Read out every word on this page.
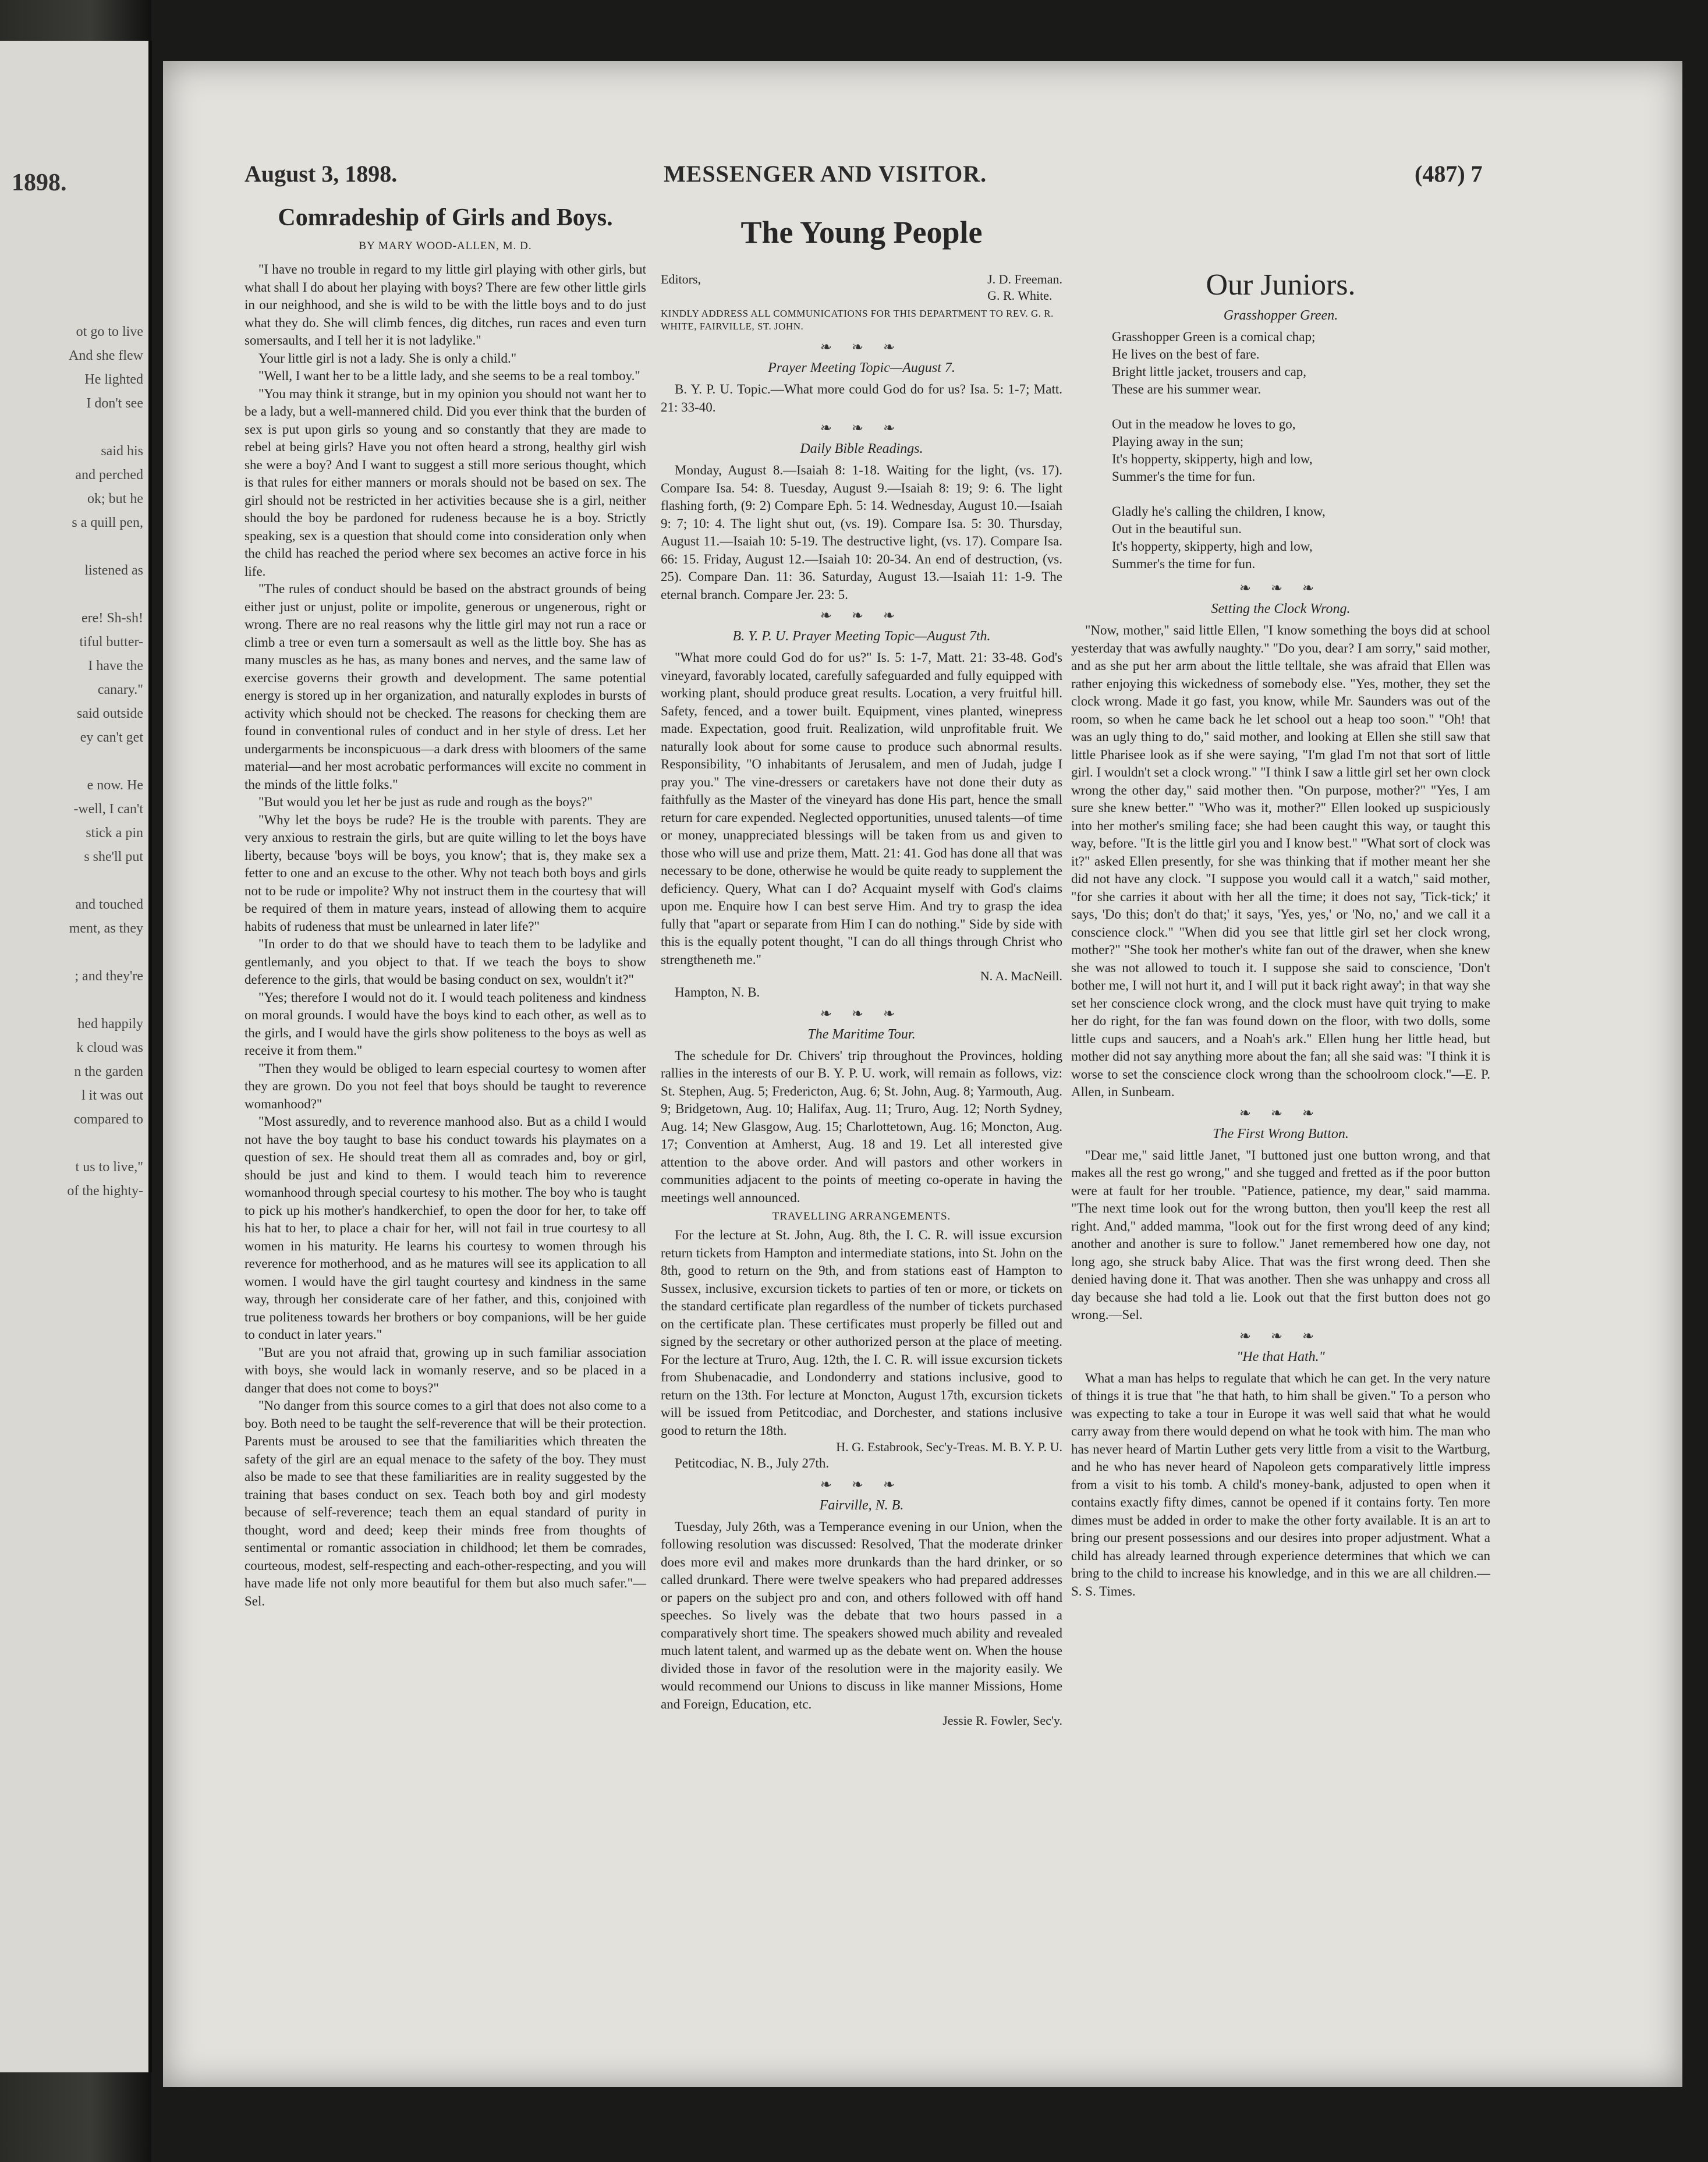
1898.
ot go to live
And she flew
He lighted
I don't see

said his
and perched
ok; but he
s a quill pen,

listened as

ere! Sh-sh!
tiful butter-
I have the
canary."
said outside
ey can't get

e now. He
-well, I can't
stick a pin
s she'll put

and touched
ment, as they

; and they're

hed happily
k cloud was
n the garden
l it was out
compared to

t us to live,"
of the highty-
August 3, 1898.	MESSENGER AND VISITOR.	(487) 7
Comradeship of Girls and Boys.
BY MARY WOOD-ALLEN, M. D.

"I have no trouble in regard to my little girl playing with other girls, but what shall I do about her playing with boys? There are few other little girls in our neighhood, and she is wild to be with the little boys and to do just what they do. She will climb fences, dig ditches, run races and even turn somersaults, and I tell her it is not ladylike."

Your little girl is not a lady. She is only a child."

"Well, I want her to be a little lady, and she seems to be a real tomboy."

"You may think it strange, but in my opinion you should not want her to be a lady, but a well-mannered child. Did you ever think that the burden of sex is put upon girls so young and so constantly that they are made to rebel at being girls? Have you not often heard a strong, healthy girl wish she were a boy? And I want to suggest a still more serious thought, which is that rules for either manners or morals should not be based on sex. The girl should not be restricted in her activities because she is a girl, neither should the boy be pardoned for rudeness because he is a boy. Strictly speaking, sex is a question that should come into consideration only when the child has reached the period where sex becomes an active force in his life.

"The rules of conduct should be based on the abstract grounds of being either just or unjust, polite or impolite, generous or ungenerous, right or wrong. There are no real reasons why the little girl may not run a race or climb a tree or even turn a somersault as well as the little boy. She has as many muscles as he has, as many bones and nerves, and the same law of exercise governs their growth and development. The same potential energy is stored up in her organization, and naturally explodes in bursts of activity which should not be checked. The reasons for checking them are found in conventional rules of conduct and in her style of dress. Let her undergarments be inconspicuous—a dark dress with bloomers of the same material—and her most acrobatic performances will excite no comment in the minds of the little folks."

"But would you let her be just as rude and rough as the boys?"

"Why let the boys be rude? He is the trouble with parents. They are very anxious to restrain the girls, but are quite willing to let the boys have liberty, because 'boys will be boys, you know'; that is, they make sex a fetter to one and an excuse to the other. Why not teach both boys and girls not to be rude or impolite? Why not instruct them in the courtesy that will be required of them in mature years, instead of allowing them to acquire habits of rudeness that must be unlearned in later life?"

"In order to do that we should have to teach them to be ladylike and gentlemanly, and you object to that. If we teach the boys to show deference to the girls, that would be basing conduct on sex, wouldn't it?"

"Yes; therefore I would not do it. I would teach politeness and kindness on moral grounds. I would have the boys kind to each other, as well as to the girls, and I would have the girls show politeness to the boys as well as receive it from them."

"Then they would be obliged to learn especial courtesy to women after they are grown. Do you not feel that boys should be taught to reverence womanhood?"

"Most assuredly, and to reverence manhood also. But as a child I would not have the boy taught to base his conduct towards his playmates on a question of sex. He should treat them all as comrades and, boy or girl, should be just and kind to them. I would teach him to reverence womanhood through special courtesy to his mother. The boy who is taught to pick up his mother's handkerchief, to open the door for her, to take off his hat to her, to place a chair for her, will not fail in true courtesy to all women in his maturity. He learns his courtesy to women through his reverence for motherhood, and as he matures will see its application to all women. I would have the girl taught courtesy and kindness in the same way, through her considerate care of her father, and this, conjoined with true politeness towards her brothers or boy companions, will be her guide to conduct in later years."

"But are you not afraid that, growing up in such familiar association with boys, she would lack in womanly reserve, and so be placed in a danger that does not come to boys?"

"No danger from this source comes to a girl that does not also come to a boy. Both need to be taught the self-reverence that will be their protection. Parents must be aroused to see that the familiarities which threaten the safety of the girl are an equal menace to the safety of the boy. They must also be made to see that these familiarities are in reality suggested by the training that bases conduct on sex. Teach both boy and girl modesty because of self-reverence; teach them an equal standard of purity in thought, word and deed; keep their minds free from thoughts of sentimental or romantic association in childhood; let them be comrades, courteous, modest, self-respecting and each-other-respecting, and you will have made life not only more beautiful for them but also much safer."—Sel.

The Young People
Editors,	J. D. Freeman.
G. R. White.
KINDLY ADDRESS ALL COMMUNICATIONS FOR THIS DEPARTMENT TO REV. G. R. WHITE, FAIRVILLE, ST. JOHN.
❧ ❧ ❧
Prayer Meeting Topic—August 7.

B. Y. P. U. Topic.—What more could God do for us? Isa. 5: 1-7; Matt. 21: 33-40.

❧ ❧ ❧
Daily Bible Readings.

Monday, August 8.—Isaiah 8: 1-18. Waiting for the light, (vs. 17). Compare Isa. 54: 8. Tuesday, August 9.—Isaiah 8: 19; 9: 6. The light flashing forth, (9: 2) Compare Eph. 5: 14. Wednesday, August 10.—Isaiah 9: 7; 10: 4. The light shut out, (vs. 19). Compare Isa. 5: 30. Thursday, August 11.—Isaiah 10: 5-19. The destructive light, (vs. 17). Compare Isa. 66: 15. Friday, August 12.—Isaiah 10: 20-34. An end of destruction, (vs. 25). Compare Dan. 11: 36. Saturday, August 13.—Isaiah 11: 1-9. The eternal branch. Compare Jer. 23: 5.

❧ ❧ ❧
B. Y. P. U. Prayer Meeting Topic—August 7th.

"What more could God do for us?" Is. 5: 1-7, Matt. 21: 33-48. God's vineyard, favorably located, carefully safeguarded and fully equipped with working plant, should produce great results. Location, a very fruitful hill. Safety, fenced, and a tower built. Equipment, vines planted, winepress made. Expectation, good fruit. Realization, wild unprofitable fruit. We naturally look about for some cause to produce such abnormal results. Responsibility, "O inhabitants of Jerusalem, and men of Judah, judge I pray you." The vine-dressers or caretakers have not done their duty as faithfully as the Master of the vineyard has done His part, hence the small return for care expended. Neglected opportunities, unused talents—of time or money, unappreciated blessings will be taken from us and given to those who will use and prize them, Matt. 21: 41. God has done all that was necessary to be done, otherwise he would be quite ready to supplement the deficiency. Query, What can I do? Acquaint myself with God's claims upon me. Enquire how I can best serve Him. And try to grasp the idea fully that "apart or separate from Him I can do nothing." Side by side with this is the equally potent thought, "I can do all things through Christ who strengtheneth me."

N. A. MacNeill.

Hampton, N. B.

❧ ❧ ❧
The Maritime Tour.

The schedule for Dr. Chivers' trip throughout the Provinces, holding rallies in the interests of our B. Y. P. U. work, will remain as follows, viz: St. Stephen, Aug. 5; Fredericton, Aug. 6; St. John, Aug. 8; Yarmouth, Aug. 9; Bridgetown, Aug. 10; Halifax, Aug. 11; Truro, Aug. 12; North Sydney, Aug. 14; New Glasgow, Aug. 15; Charlottetown, Aug. 16; Moncton, Aug. 17; Convention at Amherst, Aug. 18 and 19. Let all interested give attention to the above order. And will pastors and other workers in communities adjacent to the points of meeting co-operate in having the meetings well announced.

TRAVELLING ARRANGEMENTS.

For the lecture at St. John, Aug. 8th, the I. C. R. will issue excursion return tickets from Hampton and intermediate stations, into St. John on the 8th, good to return on the 9th, and from stations east of Hampton to Sussex, inclusive, excursion tickets to parties of ten or more, or tickets on the standard certificate plan regardless of the number of tickets purchased on the certificate plan. These certificates must properly be filled out and signed by the secretary or other authorized person at the place of meeting. For the lecture at Truro, Aug. 12th, the I. C. R. will issue excursion tickets from Shubenacadie, and Londonderry and stations inclusive, good to return on the 13th. For lecture at Moncton, August 17th, excursion tickets will be issued from Petitcodiac, and Dorchester, and stations inclusive good to return the 18th.

H. G. Estabrook, Sec'y-Treas. M. B. Y. P. U.

Petitcodiac, N. B., July 27th.

❧ ❧ ❧
Fairville, N. B.

Tuesday, July 26th, was a Temperance evening in our Union, when the following resolution was discussed: Resolved, That the moderate drinker does more evil and makes more drunkards than the hard drinker, or so called drunkard. There were twelve speakers who had prepared addresses or papers on the subject pro and con, and others followed with off hand speeches. So lively was the debate that two hours passed in a comparatively short time. The speakers showed much ability and revealed much latent talent, and warmed up as the debate went on. When the house divided those in favor of the resolution were in the majority easily. We would recommend our Unions to discuss in like manner Missions, Home and Foreign, Education, etc.

Jessie R. Fowler, Sec'y.

Our Juniors.
Grasshopper Green.
Grasshopper Green is a comical chap;
He lives on the best of fare.
Bright little jacket, trousers and cap,
These are his summer wear.

Out in the meadow he loves to go,
Playing away in the sun;
It's hopperty, skipperty, high and low,
Summer's the time for fun.

Gladly he's calling the children, I know,
Out in the beautiful sun.
It's hopperty, skipperty, high and low,
Summer's the time for fun.
❧ ❧ ❧
Setting the Clock Wrong.

"Now, mother," said little Ellen, "I know something the boys did at school yesterday that was awfully naughty." "Do you, dear? I am sorry," said mother, and as she put her arm about the little telltale, she was afraid that Ellen was rather enjoying this wickedness of somebody else. "Yes, mother, they set the clock wrong. Made it go fast, you know, while Mr. Saunders was out of the room, so when he came back he let school out a heap too soon." "Oh! that was an ugly thing to do," said mother, and looking at Ellen she still saw that little Pharisee look as if she were saying, "I'm glad I'm not that sort of little girl. I wouldn't set a clock wrong." "I think I saw a little girl set her own clock wrong the other day," said mother then. "On purpose, mother?" "Yes, I am sure she knew better." "Who was it, mother?" Ellen looked up suspiciously into her mother's smiling face; she had been caught this way, or taught this way, before. "It is the little girl you and I know best." "What sort of clock was it?" asked Ellen presently, for she was thinking that if mother meant her she did not have any clock. "I suppose you would call it a watch," said mother, "for she carries it about with her all the time; it does not say, 'Tick-tick;' it says, 'Do this; don't do that;' it says, 'Yes, yes,' or 'No, no,' and we call it a conscience clock." "When did you see that little girl set her clock wrong, mother?" "She took her mother's white fan out of the drawer, when she knew she was not allowed to touch it. I suppose she said to conscience, 'Don't bother me, I will not hurt it, and I will put it back right away'; in that way she set her conscience clock wrong, and the clock must have quit trying to make her do right, for the fan was found down on the floor, with two dolls, some little cups and saucers, and a Noah's ark." Ellen hung her little head, but mother did not say anything more about the fan; all she said was: "I think it is worse to set the conscience clock wrong than the schoolroom clock."—E. P. Allen, in Sunbeam.

❧ ❧ ❧
The First Wrong Button.

"Dear me," said little Janet, "I buttoned just one button wrong, and that makes all the rest go wrong," and she tugged and fretted as if the poor button were at fault for her trouble. "Patience, patience, my dear," said mamma. "The next time look out for the wrong button, then you'll keep the rest all right. And," added mamma, "look out for the first wrong deed of any kind; another and another is sure to follow." Janet remembered how one day, not long ago, she struck baby Alice. That was the first wrong deed. Then she denied having done it. That was another. Then she was unhappy and cross all day because she had told a lie. Look out that the first button does not go wrong.—Sel.

❧ ❧ ❧
"He that Hath."

What a man has helps to regulate that which he can get. In the very nature of things it is true that "he that hath, to him shall be given." To a person who was expecting to take a tour in Europe it was well said that what he would carry away from there would depend on what he took with him. The man who has never heard of Martin Luther gets very little from a visit to the Wartburg, and he who has never heard of Napoleon gets comparatively little impress from a visit to his tomb. A child's money-bank, adjusted to open when it contains exactly fifty dimes, cannot be opened if it contains forty. Ten more dimes must be added in order to make the other forty available. It is an art to bring our present possessions and our desires into proper adjustment. What a child has already learned through experience determines that which we can bring to the child to increase his knowledge, and in this we are all children.—S. S. Times.
